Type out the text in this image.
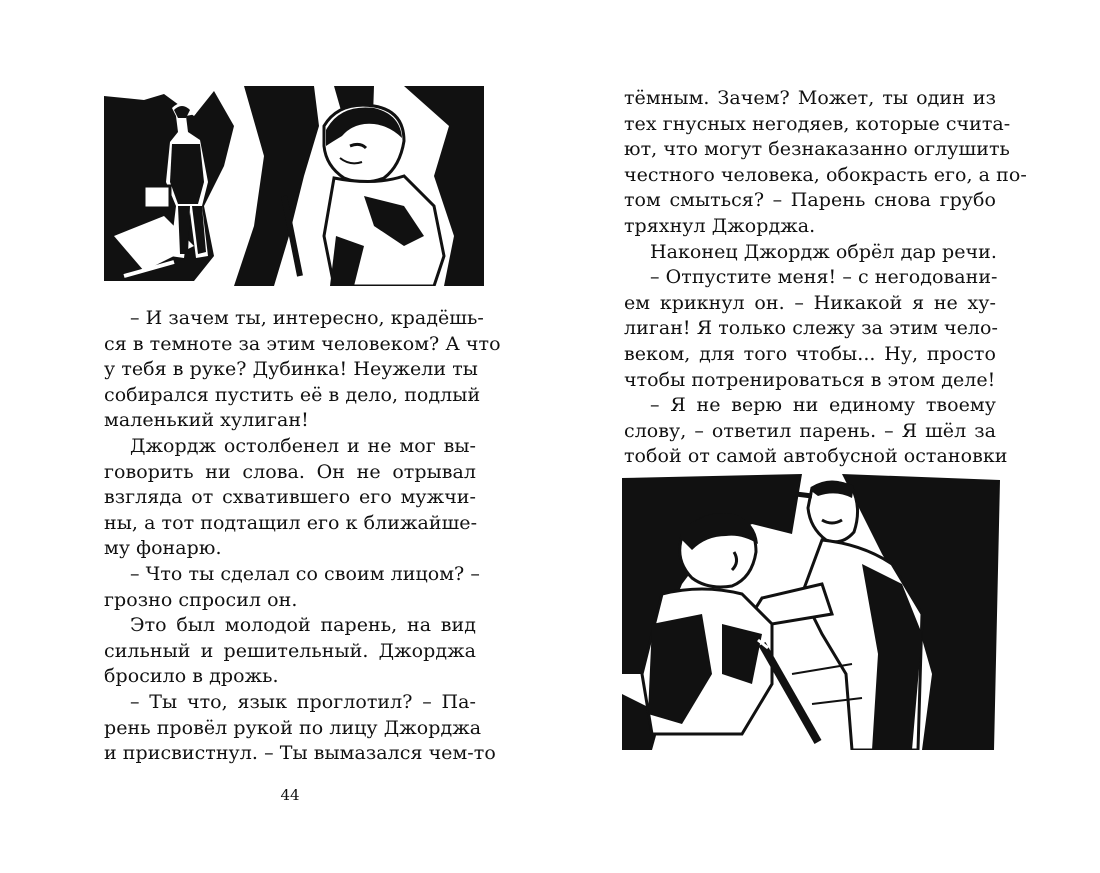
– И зачем ты, интересно, крадёшь-
ся в темноте за этим человеком? А что
у тебя в руке? Дубинка! Неужели ты
собирался пустить её в дело, подлый
маленький хулиган!
Джордж остолбенел и не мог вы-
говорить ни слова. Он не отрывал
взгляда от схватившего его мужчи-
ны, а тот подтащил его к ближайше-
му фонарю.
– Что ты сделал со своим лицом? –
грозно спросил он.
Это был молодой парень, на вид
сильный и решительный. Джорджа
бросило в дрожь.
– Ты что, язык проглотил? – Па-
рень провёл рукой по лицу Джорджа
и присвистнул. – Ты вымазался чем-то
44
тёмным. Зачем? Может, ты один из
тех гнусных негодяев, которые счита-
ют, что могут безнаказанно оглушить
честного человека, обокрасть его, а по-
том смыться? – Парень снова грубо
тряхнул Джорджа.
Наконец Джордж обрёл дар речи.
– Отпустите меня! – с негодовани-
ем крикнул он. – Никакой я не ху-
лиган! Я только слежу за этим чело-
веком, для того чтобы... Ну, просто
чтобы потренироваться в этом деле!
– Я не верю ни единому твоему
слову, – ответил парень. – Я шёл за
тобой от самой автобусной остановки
